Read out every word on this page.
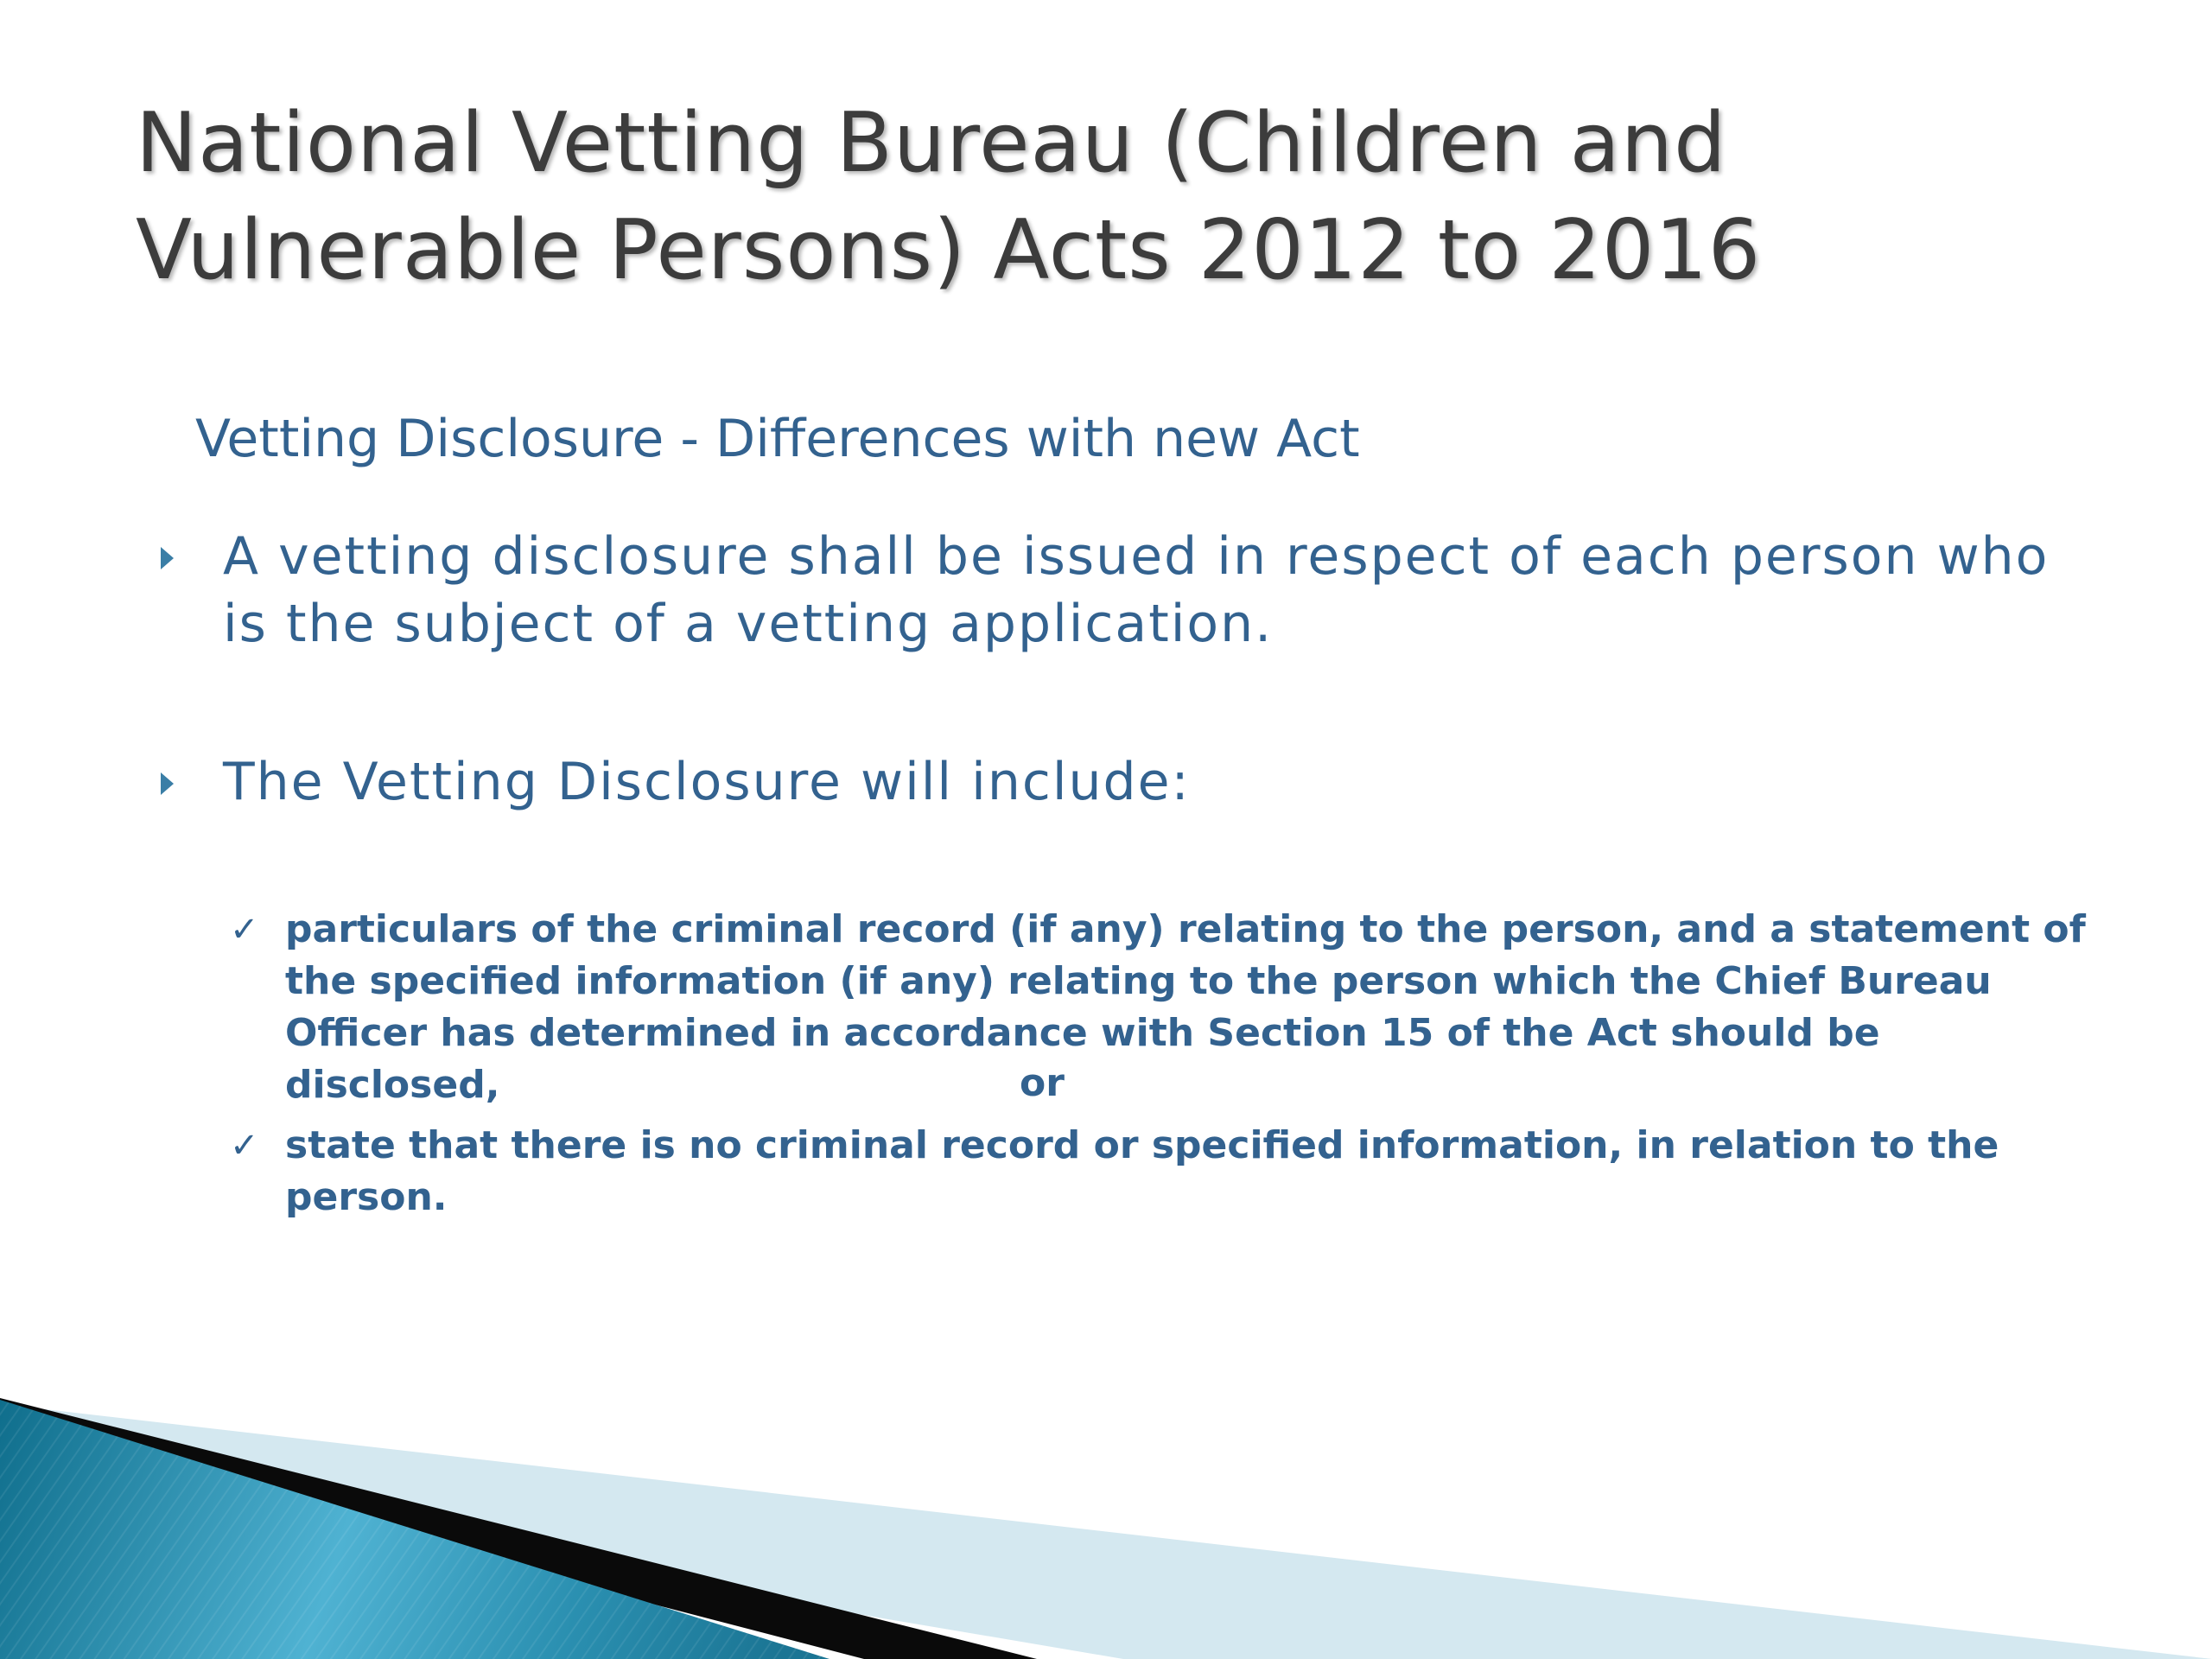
National Vetting Bureau (Children and
Vulnerable Persons) Acts 2012 to 2016
Vetting Disclosure - Differences with new Act
A vetting disclosure shall be issued in respect of each person who is the subject of a vetting application.
The Vetting Disclosure will include:
✓ particulars of the criminal record (if any) relating to the person, and a statement of the specified information (if any) relating to the person which the Chief Bureau Officer has determined in accordance with Section 15 of the Act should be disclosed,	or
✓ state that there is no criminal record or specified information, in relation to the person.
